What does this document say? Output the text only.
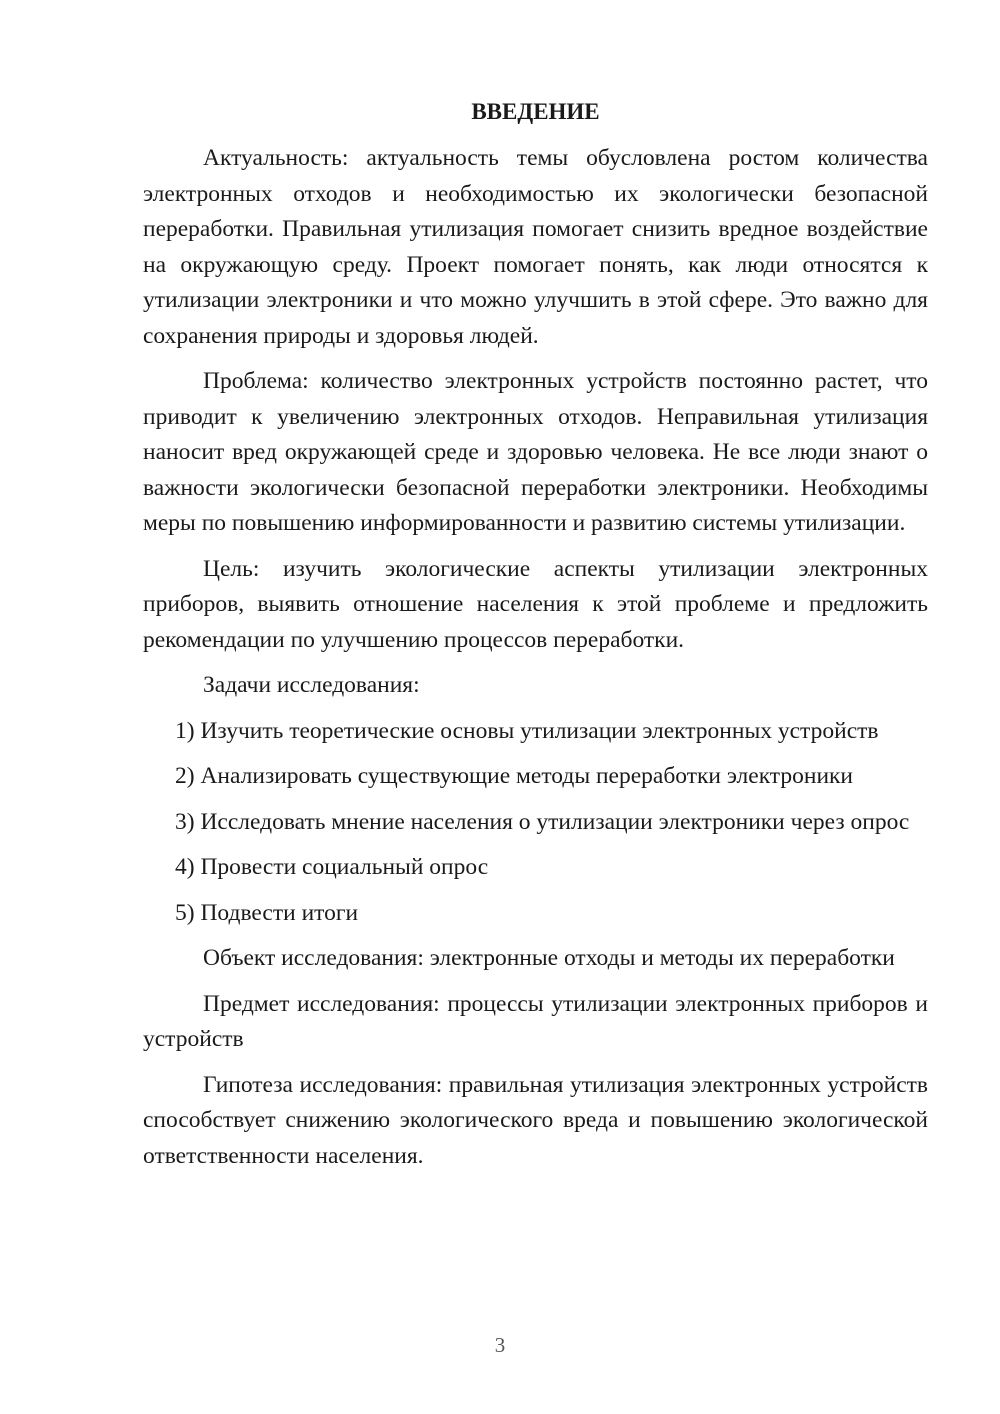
ВВЕДЕНИЕ

Актуальность: актуальность темы обусловлена ростом количества электронных отходов и необходимостью их экологически безопасной переработки. Правильная утилизация помогает снизить вредное воздействие на окружающую среду. Проект помогает понять, как люди относятся к утилизации электроники и что можно улучшить в этой сфере. Это важно для сохранения природы и здоровья людей.

Проблема: количество электронных устройств постоянно растет, что приводит к увеличению электронных отходов. Неправильная утилизация наносит вред окружающей среде и здоровью человека. Не все люди знают о важности экологически безопасной переработки электроники. Необходимы меры по повышению информированности и развитию системы утилизации.

Цель: изучить экологические аспекты утилизации электронных приборов, выявить отношение населения к этой проблеме и предложить рекомендации по улучшению процессов переработки.

Задачи исследования:

1) Изучить теоретические основы утилизации электронных устройств

2) Анализировать существующие методы переработки электроники

3) Исследовать мнение населения о утилизации электроники через опрос

4) Провести социальный опрос

5) Подвести итоги

Объект исследования: электронные отходы и методы их переработки

Предмет исследования: процессы утилизации электронных приборов и устройств

Гипотеза исследования: правильная утилизация электронных устройств способствует снижению экологического вреда и повышению экологической ответственности населения.

3
